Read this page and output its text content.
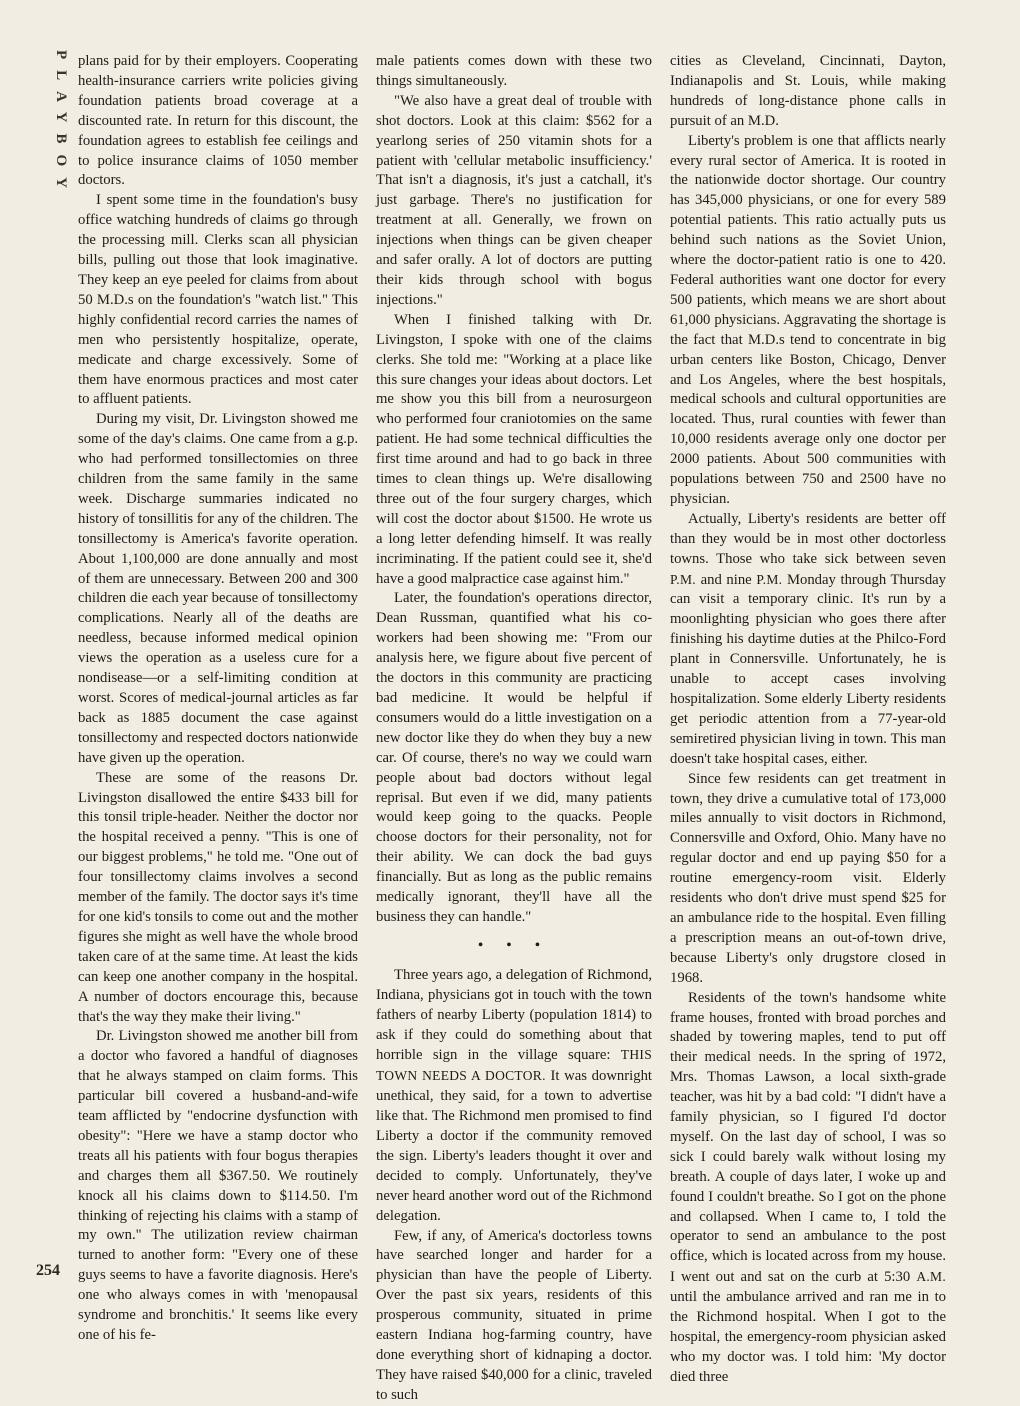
PLAYBOY
254

plans paid for by their employers. Cooperating health-insurance carriers write policies giving foundation patients broad coverage at a discounted rate. In return for this discount, the foundation agrees to establish fee ceilings and to police insurance claims of 1050 member doctors.

I spent some time in the foundation's busy office watching hundreds of claims go through the processing mill. Clerks scan all physician bills, pulling out those that look imaginative. They keep an eye peeled for claims from about 50 M.D.s on the foundation's "watch list." This highly confidential record carries the names of men who persistently hospitalize, operate, medicate and charge excessively. Some of them have enormous practices and most cater to affluent patients.

During my visit, Dr. Livingston showed me some of the day's claims. One came from a g.p. who had performed tonsillectomies on three children from the same family in the same week. Discharge summaries indicated no history of tonsillitis for any of the children. The tonsillectomy is America's favorite operation. About 1,100,000 are done annually and most of them are unnecessary. Between 200 and 300 children die each year because of tonsillectomy complications. Nearly all of the deaths are needless, because informed medical opinion views the operation as a useless cure for a nondisease—or a self-limiting condition at worst. Scores of medical-journal articles as far back as 1885 document the case against tonsillectomy and respected doctors nationwide have given up the operation.

These are some of the reasons Dr. Livingston disallowed the entire $433 bill for this tonsil triple-header. Neither the doctor nor the hospital received a penny. "This is one of our biggest problems," he told me. "One out of four tonsillectomy claims involves a second member of the family. The doctor says it's time for one kid's tonsils to come out and the mother figures she might as well have the whole brood taken care of at the same time. At least the kids can keep one another company in the hospital. A number of doctors encourage this, because that's the way they make their living."

Dr. Livingston showed me another bill from a doctor who favored a handful of diagnoses that he always stamped on claim forms. This particular bill covered a husband-and-wife team afflicted by "endocrine dysfunction with obesity": "Here we have a stamp doctor who treats all his patients with four bogus therapies and charges them all $367.50. We routinely knock all his claims down to $114.50. I'm thinking of rejecting his claims with a stamp of my own." The utilization review chairman turned to another form: "Every one of these guys seems to have a favorite diagnosis. Here's one who always comes in with 'menopausal syndrome and bronchitis.' It seems like every one of his fe-

male patients comes down with these two things simultaneously.

"We also have a great deal of trouble with shot doctors. Look at this claim: $562 for a yearlong series of 250 vitamin shots for a patient with 'cellular metabolic insufficiency.' That isn't a diagnosis, it's just a catchall, it's just garbage. There's no justification for treatment at all. Generally, we frown on injections when things can be given cheaper and safer orally. A lot of doctors are putting their kids through school with bogus injections."

When I finished talking with Dr. Livingston, I spoke with one of the claims clerks. She told me: "Working at a place like this sure changes your ideas about doctors. Let me show you this bill from a neurosurgeon who performed four craniotomies on the same patient. He had some technical difficulties the first time around and had to go back in three times to clean things up. We're disallowing three out of the four surgery charges, which will cost the doctor about $1500. He wrote us a long letter defending himself. It was really incriminating. If the patient could see it, she'd have a good malpractice case against him."

Later, the foundation's operations director, Dean Russman, quantified what his co-workers had been showing me: "From our analysis here, we figure about five percent of the doctors in this community are practicing bad medicine. It would be helpful if consumers would do a little investigation on a new doctor like they do when they buy a new car. Of course, there's no way we could warn people about bad doctors without legal reprisal. But even if we did, many patients would keep going to the quacks. People choose doctors for their personality, not for their ability. We can dock the bad guys financially. But as long as the public remains medically ignorant, they'll have all the business they can handle."

• • •

Three years ago, a delegation of Richmond, Indiana, physicians got in touch with the town fathers of nearby Liberty (population 1814) to ask if they could do something about that horrible sign in the village square: THIS TOWN NEEDS A DOCTOR. It was downright unethical, they said, for a town to advertise like that. The Richmond men promised to find Liberty a doctor if the community removed the sign. Liberty's leaders thought it over and decided to comply. Unfortunately, they've never heard another word out of the Richmond delegation.

Few, if any, of America's doctorless towns have searched longer and harder for a physician than have the people of Liberty. Over the past six years, residents of this prosperous community, situated in prime eastern Indiana hog-farming country, have done everything short of kidnaping a doctor. They have raised $40,000 for a clinic, traveled to such

cities as Cleveland, Cincinnati, Dayton, Indianapolis and St. Louis, while making hundreds of long-distance phone calls in pursuit of an M.D.

Liberty's problem is one that afflicts nearly every rural sector of America. It is rooted in the nationwide doctor shortage. Our country has 345,000 physicians, or one for every 589 potential patients. This ratio actually puts us behind such nations as the Soviet Union, where the doctor-patient ratio is one to 420. Federal authorities want one doctor for every 500 patients, which means we are short about 61,000 physicians. Aggravating the shortage is the fact that M.D.s tend to concentrate in big urban centers like Boston, Chicago, Denver and Los Angeles, where the best hospitals, medical schools and cultural opportunities are located. Thus, rural counties with fewer than 10,000 residents average only one doctor per 2000 patients. About 500 communities with populations between 750 and 2500 have no physician.

Actually, Liberty's residents are better off than they would be in most other doctorless towns. Those who take sick between seven P.M. and nine P.M. Monday through Thursday can visit a temporary clinic. It's run by a moonlighting physician who goes there after finishing his daytime duties at the Philco-Ford plant in Connersville. Unfortunately, he is unable to accept cases involving hospitalization. Some elderly Liberty residents get periodic attention from a 77-year-old semiretired physician living in town. This man doesn't take hospital cases, either.

Since few residents can get treatment in town, they drive a cumulative total of 173,000 miles annually to visit doctors in Richmond, Connersville and Oxford, Ohio. Many have no regular doctor and end up paying $50 for a routine emergency-room visit. Elderly residents who don't drive must spend $25 for an ambulance ride to the hospital. Even filling a prescription means an out-of-town drive, because Liberty's only drugstore closed in 1968.

Residents of the town's handsome white frame houses, fronted with broad porches and shaded by towering maples, tend to put off their medical needs. In the spring of 1972, Mrs. Thomas Lawson, a local sixth-grade teacher, was hit by a bad cold: "I didn't have a family physician, so I figured I'd doctor myself. On the last day of school, I was so sick I could barely walk without losing my breath. A couple of days later, I woke up and found I couldn't breathe. So I got on the phone and collapsed. When I came to, I told the operator to send an ambulance to the post office, which is located across from my house. I went out and sat on the curb at 5:30 A.M. until the ambulance arrived and ran me in to the Richmond hospital. When I got to the hospital, the emergency-room physician asked who my doctor was. I told him: 'My doctor died three
